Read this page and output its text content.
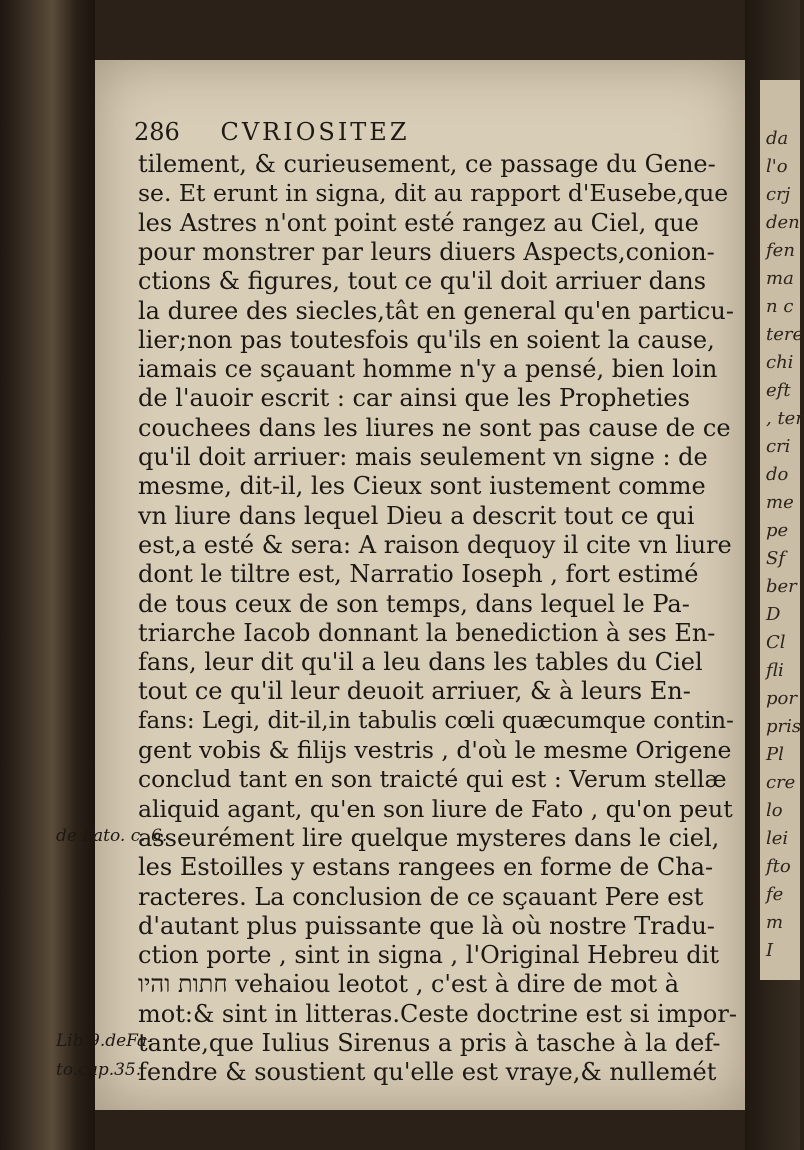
da
l'o
crj
den
fen
ma
n c
tere
chi
eft
, ter
cri
do
me
pe
Sf
ber
D
Cl
fli
por
pris
Pl
cre
lo
lei
fto
fe
m
I
286 CVRIOSITEZ
tilement, & curieusement, ce passage du Gene-
se. Et erunt in signa, dit au rapport d'Eusebe,que
les Astres n'ont point esté rangez au Ciel, que
pour monstrer par leurs diuers Aspects,conion-
ctions & figures, tout ce qu'il doit arriuer dans
la duree des siecles,tât en general qu'en particu-
lier;non pas toutesfois qu'ils en soient la cause,
iamais ce sçauant homme n'y a pensé, bien loin
de l'auoir escrit : car ainsi que les Propheties
couchees dans les liures ne sont pas cause de ce
qu'il doit arriuer: mais seulement vn signe : de
mesme, dit-il, les Cieux sont iustement comme
vn liure dans lequel Dieu a descrit tout ce qui
est,a esté & sera: A raison dequoy il cite vn liure
dont le tiltre est, Narratio Ioseph , fort estimé
de tous ceux de son temps, dans lequel le Pa-
triarche Iacob donnant la benediction à ses En-
fans, leur dit qu'il a leu dans les tables du Ciel
tout ce qu'il leur deuoit arriuer, & à leurs En-
fans: Legi, dit-il,in tabulis cœli quæcumque contin-
gent vobis & filijs vestris , d'où le mesme Origene
conclud tant en son traicté qui est : Verum stellæ
aliquid agant, qu'en son liure de Fato , qu'on peut
asseurément lire quelque mysteres dans le ciel,
les Estoilles y estans rangees en forme de Cha-
racteres. La conclusion de ce sçauant Pere est
d'autant plus puissante que là où nostre Tradu-
ction porte , sint in signa , l'Original Hebreu dit
חתות והיו vehaiou leotot , c'est à dire de mot à
mot:& sint in litteras.Ceste doctrine est si impor-
tante,que Iulius Sirenus a pris à tasche à la def-
fendre & soustient qu'elle est vraye,& nullemét
de Fato. c. 6.
Lib.9.deFa-
to.cap.35.
